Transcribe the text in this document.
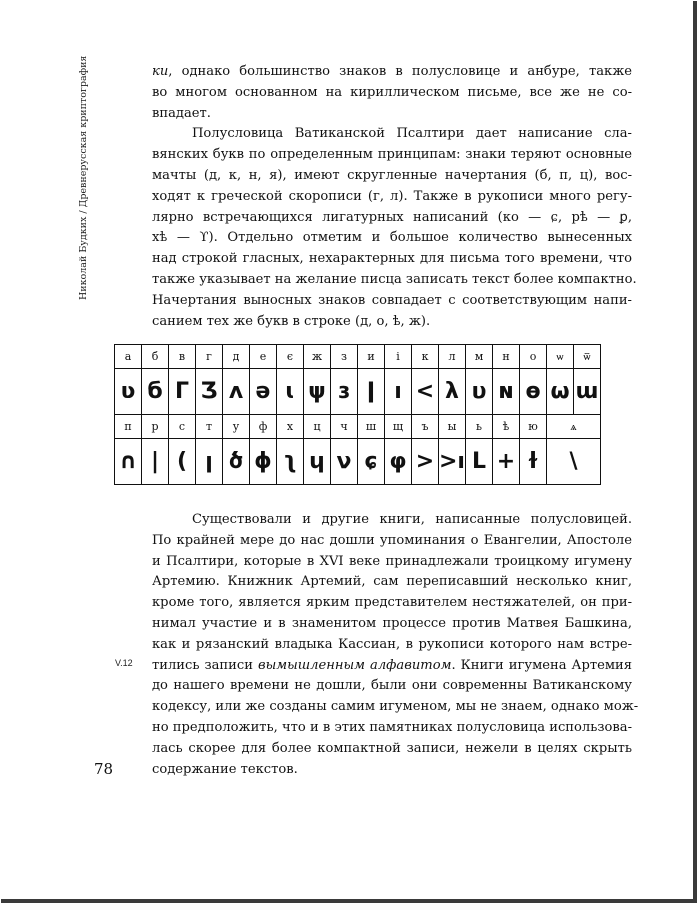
Николай Будких / Древнерусская криптография	ки, однако большинство знаков в полусловице и анбуре, также
во многом основанном на кириллическом письме, все же не со-
впадает.
Полусловица Ватиканской Псалтири дает написание сла-
вянских букв по определенным принципам: знаки теряют основные
мачты (д, к, н, я), имеют скругленные начертания (б, п, ц), вос-
ходят к греческой скорописи (г, л). Также в рукописи много регу-
лярно встречающихся лигатурных написаний (ко — ɕ, рѣ — ꝑ,
хѣ — ϒ). Отдельно отметим и большое количество вынесенных
над строкой гласных, нехарактерных для письма того времени, что
также указывает на желание писца записать текст более компактно.
Начертания выносных знаков совпадает с соответствующим напи-
санием тех же букв в строке (д, о, ѣ, ж).
а	б	в	г	д	е	є	ж	з	и	і	к	л	м	н	о	ѡ	ѿ
ʋ	б	Г	Ʒ	ʌ	ə	ɩ	ψ	ɜ	ǀ	ı	<	λ	υ	ɴ	ɵ	ω	ɯ
п	р	с	т	у	ф	х	ц	ч	ш	щ	ъ	ы	ь	ѣ	ю	ѧ	
∩	|	(	ꞁ	ծ	ɸ	ʅ	ɥ	ν	ɕ	φ	>	>ı	L	+	ɫ	\	
Существовали и другие книги, написанные полусловицей.
По крайней мере до нас дошли упоминания о Евангелии, Апостоле
и Псалтири, которые в XVI веке принадлежали троицкому игумену
Артемию. Книжник Артемий, сам переписавший несколько книг,
кроме того, является ярким представителем нестяжателей, он при-
нимал участие и в знаменитом процессе против Матвея Башкина,
как и рязанский владыка Кассиан, в рукописи которого нам встре-
тились записи вымышленным алфавитом. Книги игумена Артемия
до нашего времени не дошли, были они современны Ватиканскому
кодексу, или же созданы самим игуменом, мы не знаем, однако мож-
но предположить, что и в этих памятниках полусловица использова-
лась скорее для более компактной записи, нежели в целях скрыть
содержание текстов.
V.12
78
